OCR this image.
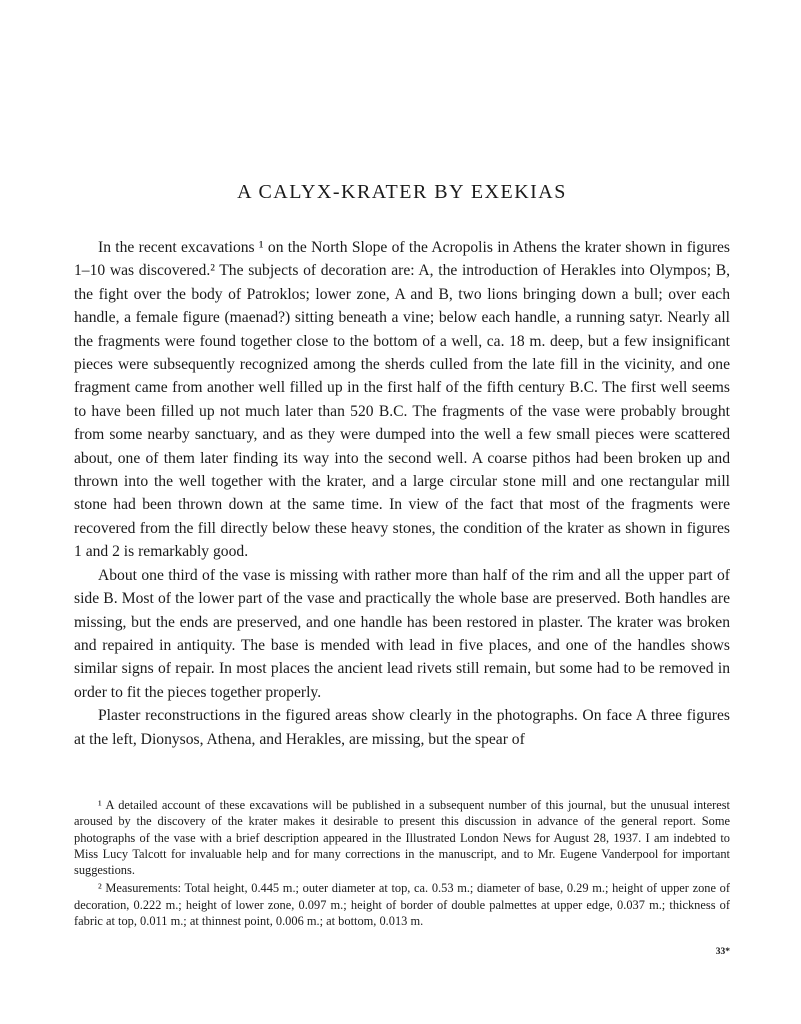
A CALYX-KRATER BY EXEKIAS

In the recent excavations ¹ on the North Slope of the Acropolis in Athens the krater shown in figures 1–10 was discovered.² The subjects of decoration are: A, the introduction of Herakles into Olympos; B, the fight over the body of Patroklos; lower zone, A and B, two lions bringing down a bull; over each handle, a female figure (maenad?) sitting beneath a vine; below each handle, a running satyr. Nearly all the fragments were found together close to the bottom of a well, ca. 18 m. deep, but a few insignificant pieces were subsequently recognized among the sherds culled from the late fill in the vicinity, and one fragment came from another well filled up in the first half of the fifth century B.C. The first well seems to have been filled up not much later than 520 B.C. The fragments of the vase were probably brought from some nearby sanctuary, and as they were dumped into the well a few small pieces were scattered about, one of them later finding its way into the second well. A coarse pithos had been broken up and thrown into the well together with the krater, and a large circular stone mill and one rectangular mill stone had been thrown down at the same time. In view of the fact that most of the fragments were recovered from the fill directly below these heavy stones, the condition of the krater as shown in figures 1 and 2 is remarkably good.

About one third of the vase is missing with rather more than half of the rim and all the upper part of side B. Most of the lower part of the vase and practically the whole base are preserved. Both handles are missing, but the ends are preserved, and one handle has been restored in plaster. The krater was broken and repaired in antiquity. The base is mended with lead in five places, and one of the handles shows similar signs of repair. In most places the ancient lead rivets still remain, but some had to be removed in order to fit the pieces together properly.

Plaster reconstructions in the figured areas show clearly in the photographs. On face A three figures at the left, Dionysos, Athena, and Herakles, are missing, but the spear of

¹ A detailed account of these excavations will be published in a subsequent number of this journal, but the unusual interest aroused by the discovery of the krater makes it desirable to present this discussion in advance of the general report. Some photographs of the vase with a brief description appeared in the Illustrated London News for August 28, 1937. I am indebted to Miss Lucy Talcott for invaluable help and for many corrections in the manuscript, and to Mr. Eugene Vanderpool for important suggestions.

² Measurements: Total height, 0.445 m.; outer diameter at top, ca. 0.53 m.; diameter of base, 0.29 m.; height of upper zone of decoration, 0.222 m.; height of lower zone, 0.097 m.; height of border of double palmettes at upper edge, 0.037 m.; thickness of fabric at top, 0.011 m.; at thinnest point, 0.006 m.; at bottom, 0.013 m.

33*
